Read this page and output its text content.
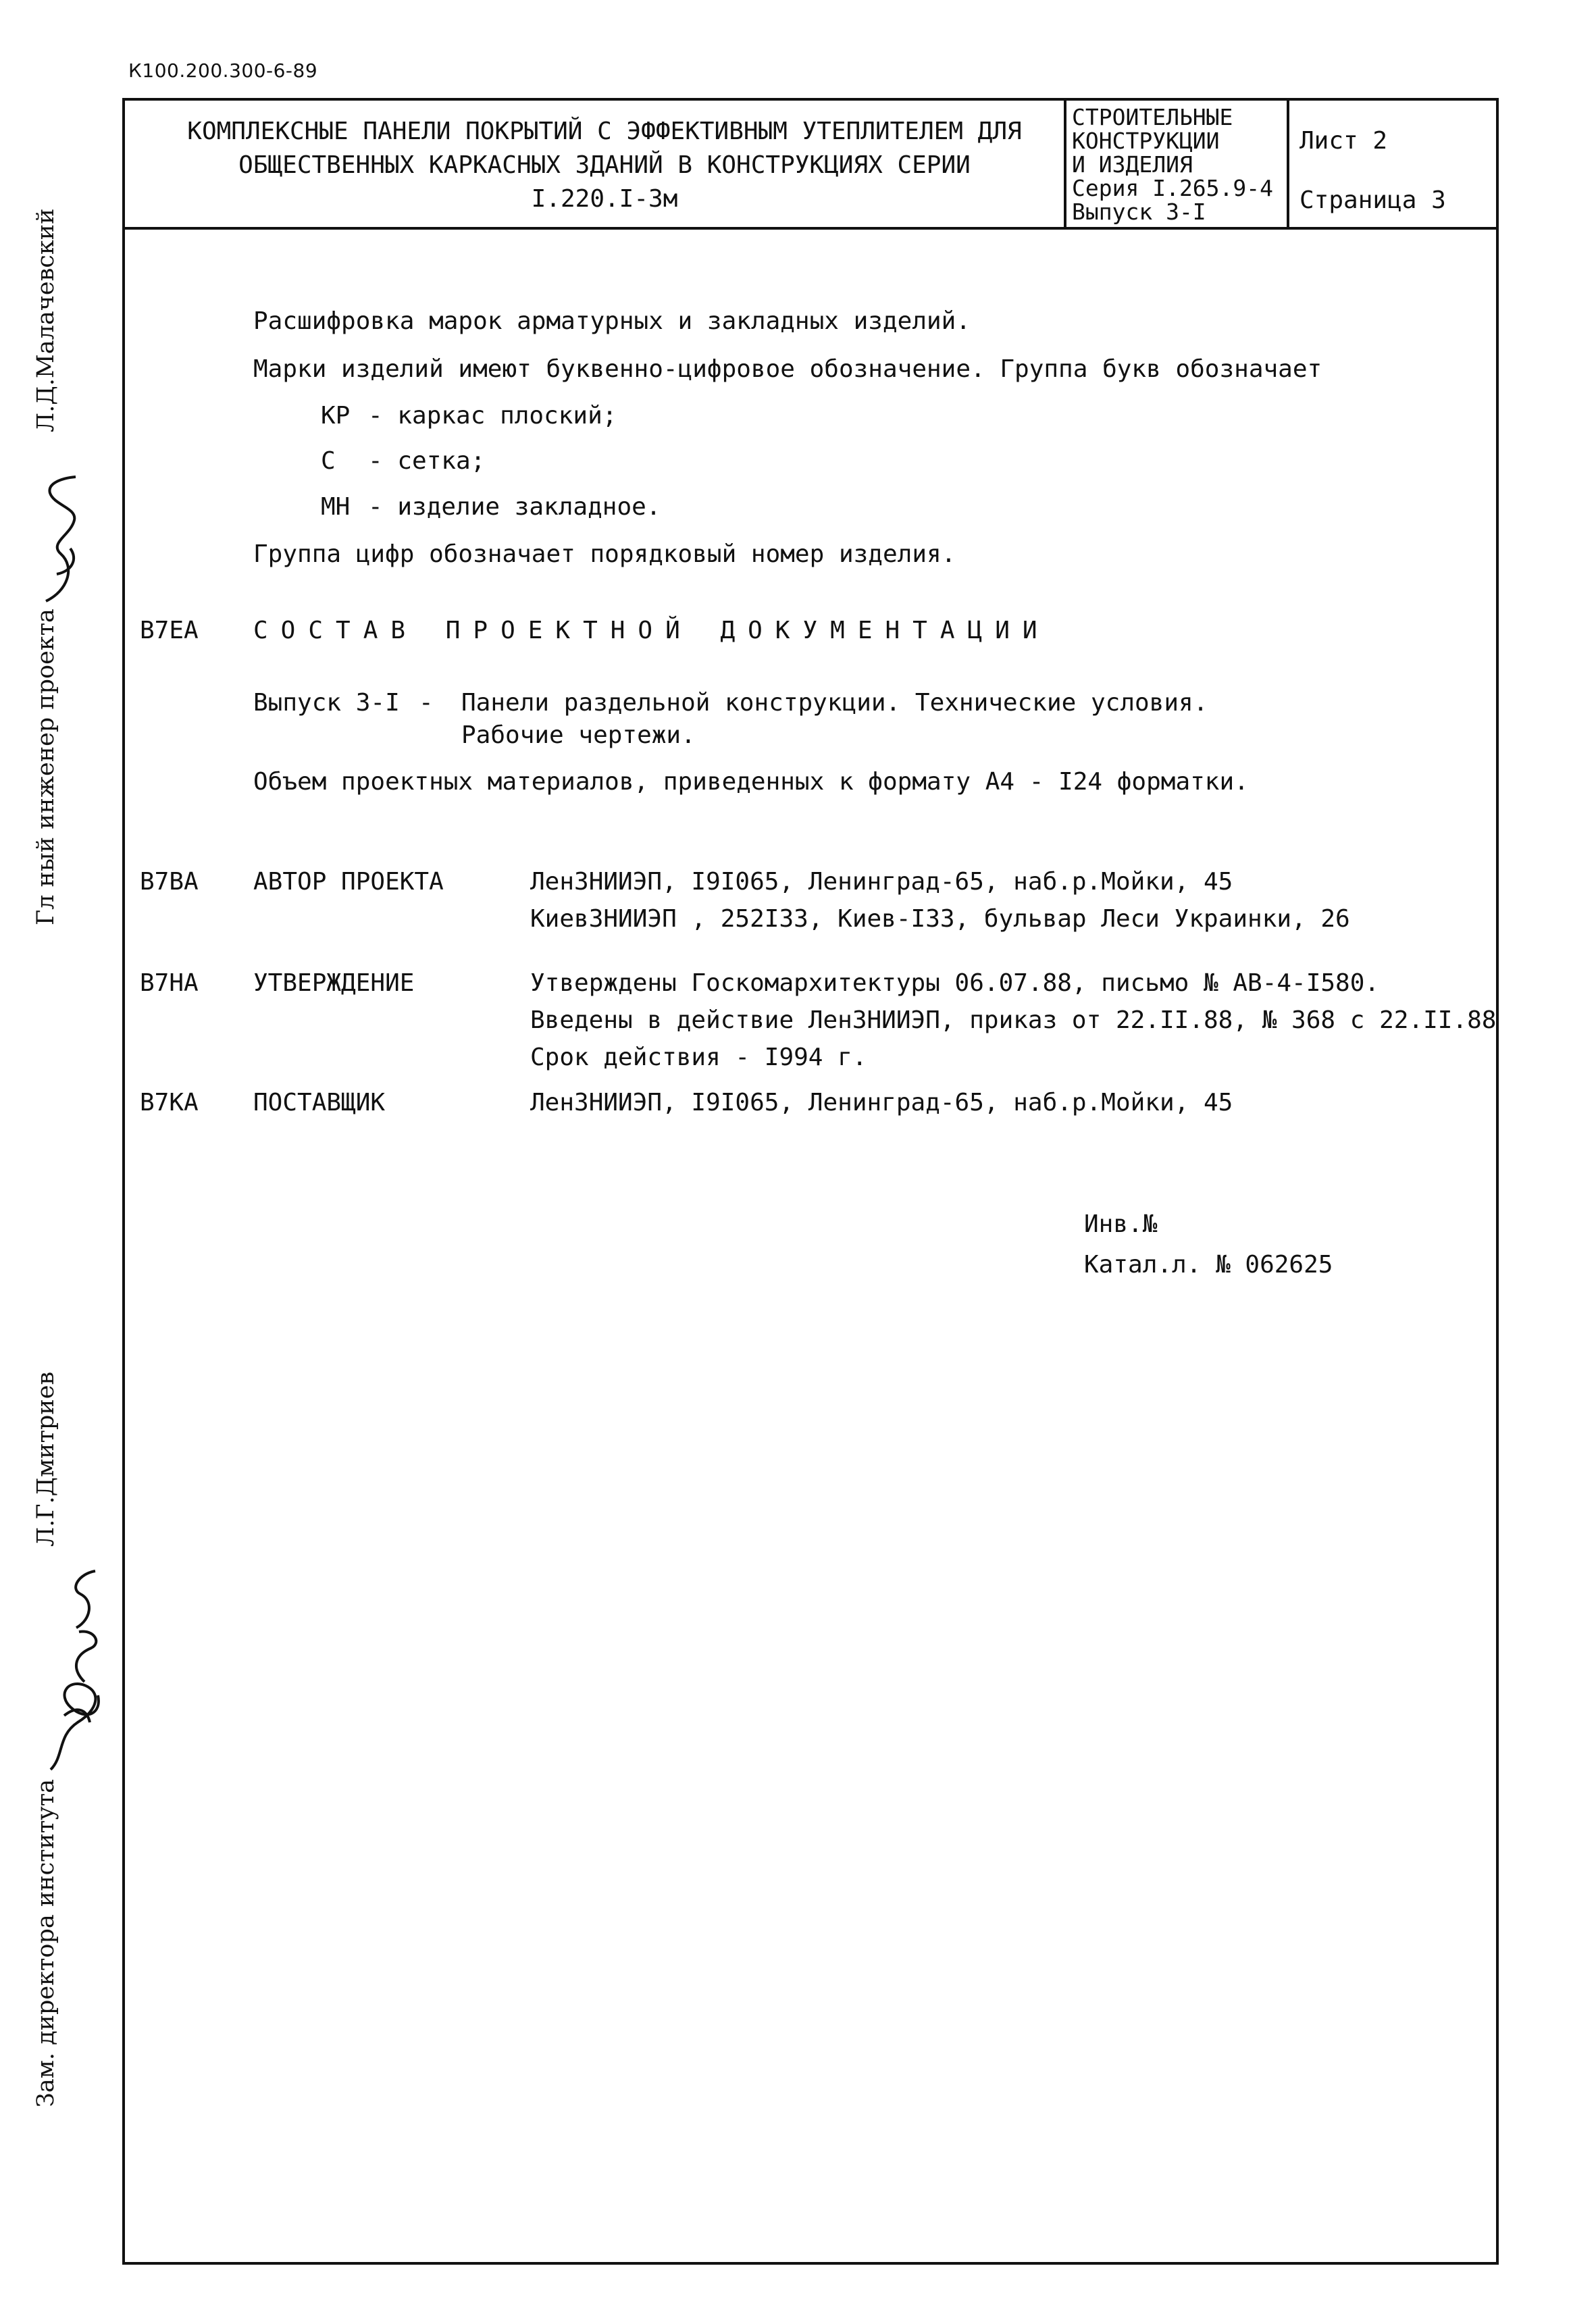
К100.200.300-6-89
КОМПЛЕКСНЫЕ ПАНЕЛИ ПОКРЫТИЙ С ЭФФЕКТИВНЫМ УТЕПЛИТЕЛЕМ ДЛЯ
ОБЩЕСТВЕННЫХ КАРКАСНЫХ ЗДАНИЙ В КОНСТРУКЦИЯХ СЕРИИ
I.220.I-3м
СТРОИТЕЛЬНЫЕ
КОНСТРУКЦИИ
И ИЗДЕЛИЯ
Серия I.265.9-4
Выпуск 3-I
Лист 2
Страница 3
Расшифровка марок арматурных и закладных изделий.
Марки изделий имеют буквенно-цифровое обозначение. Группа букв обозначает
КР - каркас плоский;
С - сетка;
МН - изделие закладное.
Группа цифр обозначает порядковый номер изделия.
В7ЕА СОСТАВ ПРОЕКТНОЙ ДОКУМЕНТАЦИИ
Выпуск 3-I - Панели раздельной конструкции. Технические условия.
Рабочие чертежи.
Объем проектных материалов, приведенных к формату А4 - I24 форматки.
В7ВА АВТОР ПРОЕКТА	ЛенЗНИИЭП, I9I065, Ленинград-65, наб.р.Мойки, 45
КиевЗНИИЭП , 252I33, Киев-I33, бульвар Леси Украинки, 26
В7НА УТВЕРЖДЕНИЕ	Утверждены Госкомархитектуры 06.07.88, письмо № АВ-4-I580.
Введены в действие ЛенЗНИИЭП, приказ от 22.II.88, № 368 с 22.II.88
Срок действия - I994 г.
В7КА ПОСТАВЩИК	ЛенЗНИИЭП, I9I065, Ленинград-65, наб.р.Мойки, 45
Инв.№
Катал.л. № 062625
Гл ный инженер проекта
Л.Д.Малачевский
Зам. директора института
Л.Г.Дмитриев
